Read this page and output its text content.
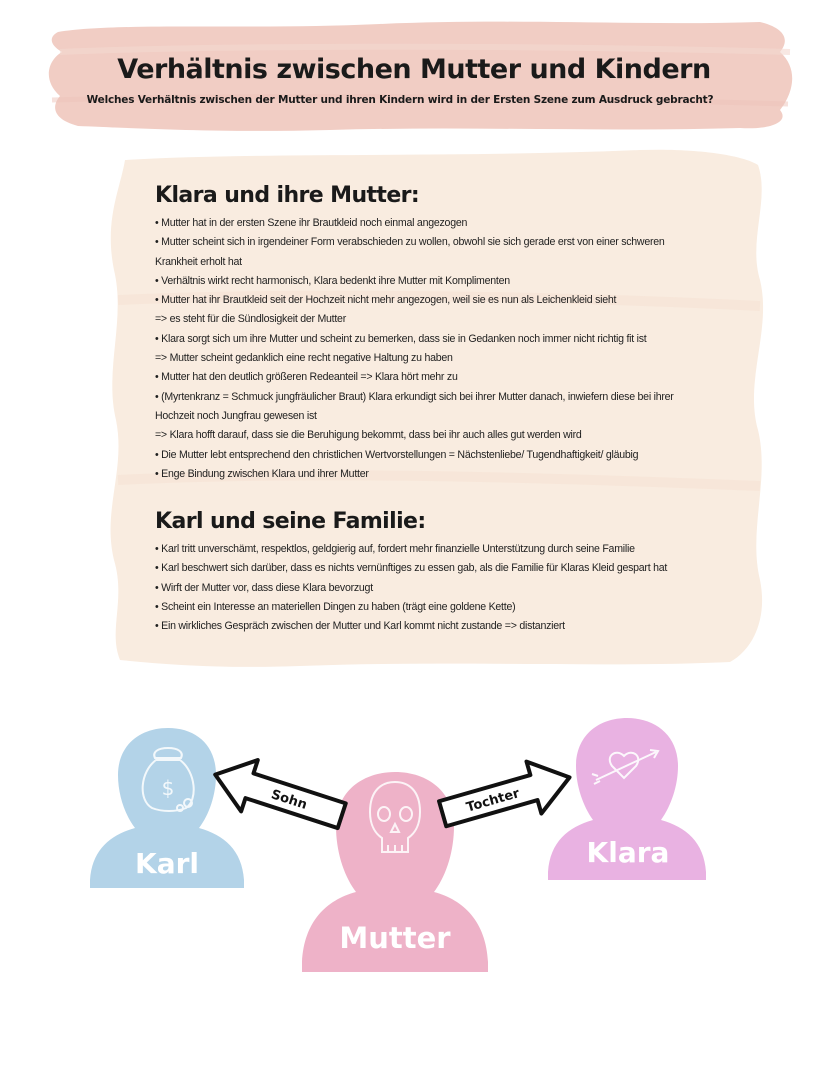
Verhältnis zwischen Mutter und Kindern
Welches Verhältnis zwischen der Mutter und ihren Kindern wird in der Ersten Szene zum Ausdruck gebracht?
Klara und ihre Mutter:
• Mutter hat in der ersten Szene ihr Brautkleid noch einmal angezogen
• Mutter scheint sich in irgendeiner Form verabschieden zu wollen, obwohl sie sich gerade erst von einer schweren
Krankheit erholt hat
• Verhältnis wirkt recht harmonisch, Klara bedenkt ihre Mutter mit Komplimenten
• Mutter hat ihr Brautkleid seit der Hochzeit nicht mehr angezogen, weil sie es nun als Leichenkleid sieht
=> es steht für die Sündlosigkeit der Mutter
• Klara sorgt sich um ihre Mutter und scheint zu bemerken, dass sie in Gedanken noch immer nicht richtig fit ist
=> Mutter scheint gedanklich eine recht negative Haltung zu haben
• Mutter hat den deutlich größeren Redeanteil => Klara hört mehr zu
• (Myrtenkranz = Schmuck jungfräulicher Braut) Klara erkundigt sich bei ihrer Mutter danach, inwiefern diese bei ihrer
Hochzeit noch Jungfrau gewesen ist
=> Klara hofft darauf, dass sie die Beruhigung bekommt, dass bei ihr auch alles gut werden wird
• Die Mutter lebt entsprechend den christlichen Wertvorstellungen = Nächstenliebe/ Tugendhaftigkeit/ gläubig
• Enge Bindung zwischen Klara und ihrer Mutter
Karl und seine Familie:
• Karl tritt unverschämt, respektlos, geldgierig auf, fordert mehr finanzielle Unterstützung durch seine Familie
• Karl beschwert sich darüber, dass es nichts vernünftiges zu essen gab, als die Familie für Klaras Kleid gespart hat
• Wirft der Mutter vor, dass diese Klara bevorzugt
• Scheint ein Interesse an materiellen Dingen zu haben (trägt eine goldene Kette)
• Ein wirkliches Gespräch zwischen der Mutter und Karl kommt nicht zustande => distanziert
$
Karl	Klara
Mutter
Sohn	Tochter
